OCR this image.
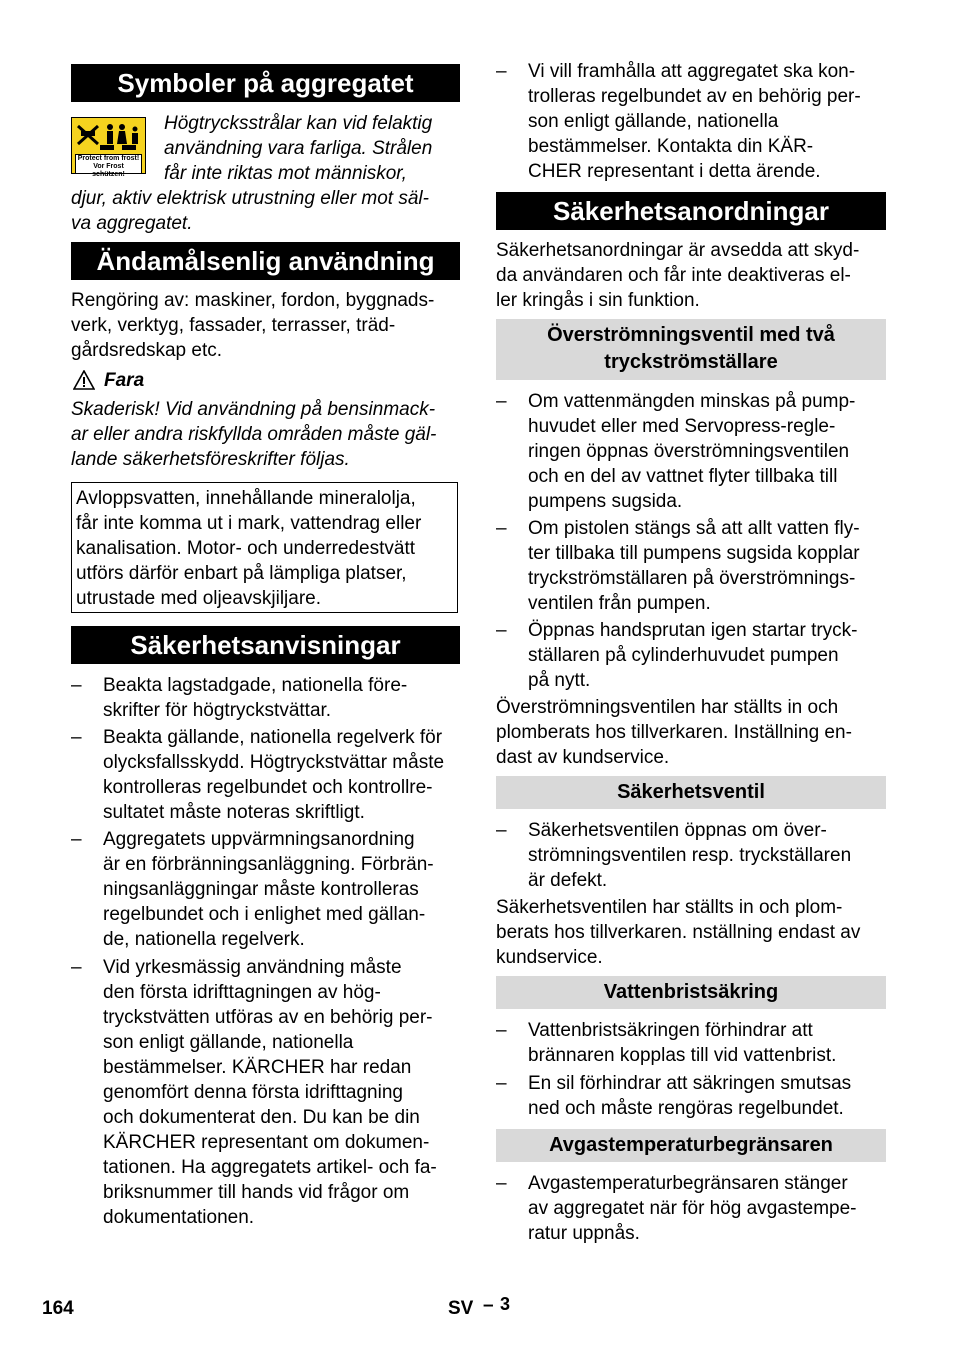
Symboler på aggregatet
Protect from frost!
Vor Frost schützen!
Högtrycksstrålar kan vid felaktig
användning vara farliga. Strålen
får inte riktas mot människor,
djur, aktiv elektrisk utrustning eller mot säl-
va aggregatet.
Ändamålsenlig användning
Rengöring av: maskiner, fordon, byggnads-
verk, verktyg, fassader, terrasser, träd-
gårdsredskap etc.
Fara
Skaderisk! Vid användning på bensinmack-
ar eller andra riskfyllda områden måste gäl-
lande säkerhetsföreskrifter följas.
Avloppsvatten, innehållande mineralolja,
får inte komma ut i mark, vattendrag eller
kanalisation. Motor- och underredestvätt
utförs därför enbart på lämpliga platser,
utrustade med oljeavskjiljare.
Säkerhetsanvisningar
–	Beakta lagstadgade, nationella före-
skrifter för högtryckstvättar.
–	Beakta gällande, nationella regelverk för
olycksfallsskydd. Högtryckstvättar måste
kontrolleras regelbundet och kontrollre-
sultatet måste noteras skriftligt.
–	Aggregatets uppvärmningsanordning
är en förbränningsanläggning. Förbrän-
ningsanläggningar måste kontrolleras
regelbundet och i enlighet med gällan-
de, nationella regelverk.
–	Vid yrkesmässig användning måste
den första idrifttagningen av hög-
tryckstvätten utföras av en behörig per-
son enligt gällande, nationella
bestämmelser. KÄRCHER har redan
genomfört denna första idrifttagning
och dokumenterat den. Du kan be din
KÄRCHER representant om dokumen-
tationen. Ha aggregatets artikel- och fa-
briksnummer till hands vid frågor om
dokumentationen.
–	Vi vill framhålla att aggregatet ska kon-
trolleras regelbundet av en behörig per-
son enligt gällande, nationella
bestämmelser. Kontakta din KÄR-
CHER representant i detta ärende.
Säkerhetsanordningar
Säkerhetsanordningar är avsedda att skyd-
da användaren och får inte deaktiveras el-
ler kringås i sin funktion.
Överströmningsventil med två
tryckströmställare
–	Om vattenmängden minskas på pump-
huvudet eller med Servopress-regle-
ringen öppnas överströmningsventilen
och en del av vattnet flyter tillbaka till
pumpens sugsida.
–	Om pistolen stängs så att allt vatten fly-
ter tillbaka till pumpens sugsida kopplar
tryckströmställaren på överströmnings-
ventilen från pumpen.
–	Öppnas handsprutan igen startar tryck-
ställaren på cylinderhuvudet pumpen
på nytt.
Överströmningsventilen har ställts in och
plomberats hos tillverkaren. Inställning en-
dast av kundservice.
Säkerhetsventil
–	Säkerhetsventilen öppnas om över-
strömningsventilen resp. tryckställaren
är defekt.
Säkerhetsventilen har ställts in och plom-
berats hos tillverkaren. nställning endast av
kundservice.
Vattenbristsäkring
–	Vattenbristsäkringen förhindrar att
brännaren kopplas till vid vattenbrist.
–	En sil förhindrar att säkringen smutsas
ned och måste rengöras regelbundet.
Avgastemperaturbegränsaren
–	Avgastemperaturbegränsaren stänger
av aggregatet när för hög avgastempe-
ratur uppnås.
164	SV – 3
